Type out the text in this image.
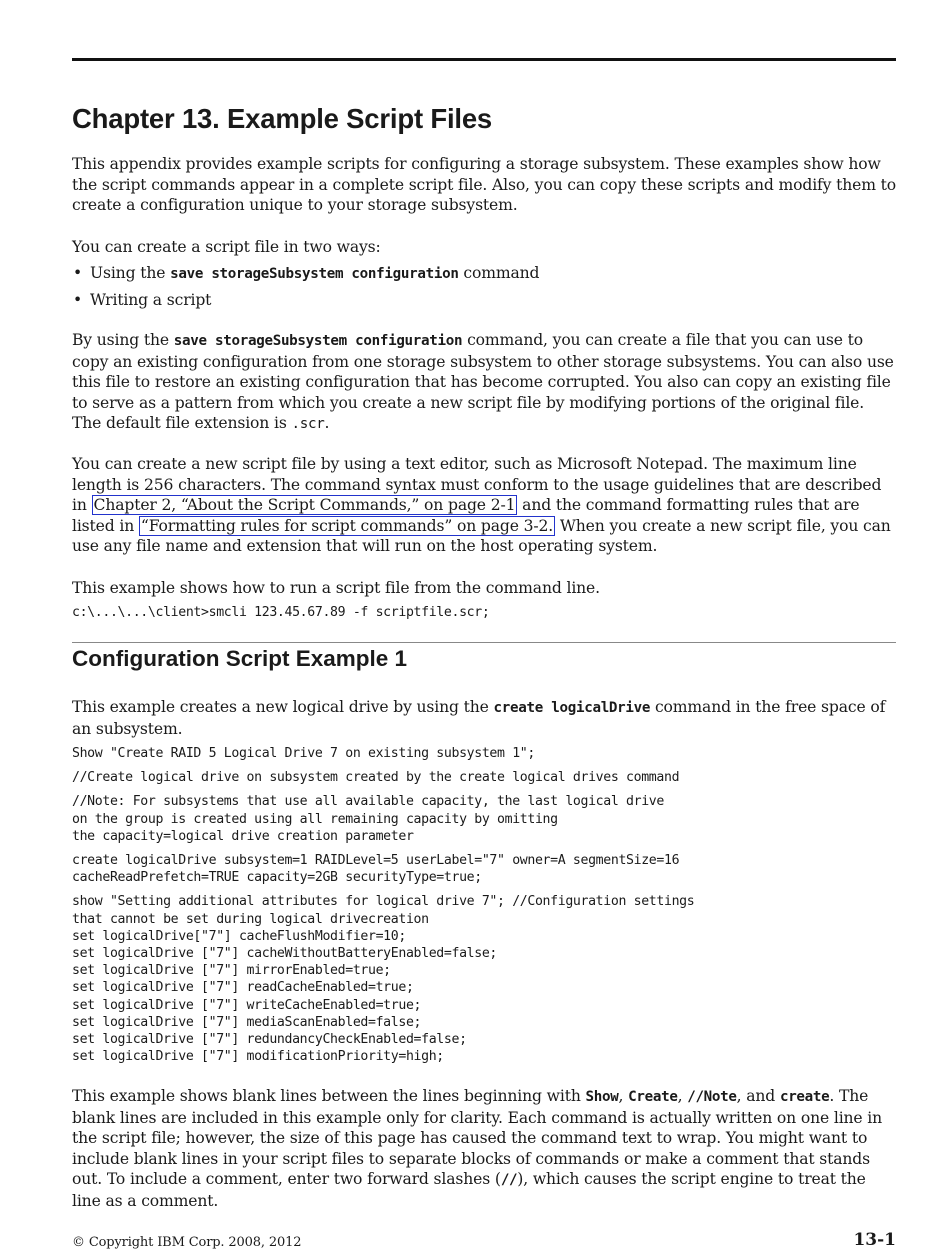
Chapter 13. Example Script Files

This appendix provides example scripts for configuring a storage subsystem. These examples show how the script commands appear in a complete script file. Also, you can copy these scripts and modify them to create a configuration unique to your storage subsystem.

You can create a script file in two ways:

• Using the save storageSubsystem configuration command
• Writing a script

By using the save storageSubsystem configuration command, you can create a file that you can use to copy an existing configuration from one storage subsystem to other storage subsystems. You can also use this file to restore an existing configuration that has become corrupted. You also can copy an existing file to serve as a pattern from which you create a new script file by modifying portions of the original file. The default file extension is .scr.

You can create a new script file by using a text editor, such as Microsoft Notepad. The maximum line length is 256 characters. The command syntax must conform to the usage guidelines that are described in Chapter 2, “About the Script Commands,” on page 2-1 and the command formatting rules that are listed in “Formatting rules for script commands” on page 3-2. When you create a new script file, you can use any file name and extension that will run on the host operating system.

This example shows how to run a script file from the command line.

c:\...\...\client>smcli 123.45.67.89 -f scriptfile.scr;

Configuration Script Example 1

This example creates a new logical drive by using the create logicalDrive command in the free space of an subsystem.

Show "Create RAID 5 Logical Drive 7 on existing subsystem 1";

//Create logical drive on subsystem created by the create logical drives command

//Note: For subsystems that use all available capacity, the last logical drive
on the group is created using all remaining capacity by omitting
the capacity=logical drive creation parameter

create logicalDrive subsystem=1 RAIDLevel=5 userLabel="7" owner=A segmentSize=16
cacheReadPrefetch=TRUE capacity=2GB securityType=true;

show "Setting additional attributes for logical drive 7"; //Configuration settings
that cannot be set during logical drivecreation
set logicalDrive["7"] cacheFlushModifier=10;
set logicalDrive ["7"] cacheWithoutBatteryEnabled=false;
set logicalDrive ["7"] mirrorEnabled=true;
set logicalDrive ["7"] readCacheEnabled=true;
set logicalDrive ["7"] writeCacheEnabled=true;
set logicalDrive ["7"] mediaScanEnabled=false;
set logicalDrive ["7"] redundancyCheckEnabled=false;
set logicalDrive ["7"] modificationPriority=high;

This example shows blank lines between the lines beginning with Show, Create, //Note, and create. The blank lines are included in this example only for clarity. Each command is actually written on one line in the script file; however, the size of this page has caused the command text to wrap. You might want to include blank lines in your script files to separate blocks of commands or make a comment that stands out. To include a comment, enter two forward slashes (//), which causes the script engine to treat the line as a comment.

© Copyright IBM Corp. 2008, 2012	13-1
